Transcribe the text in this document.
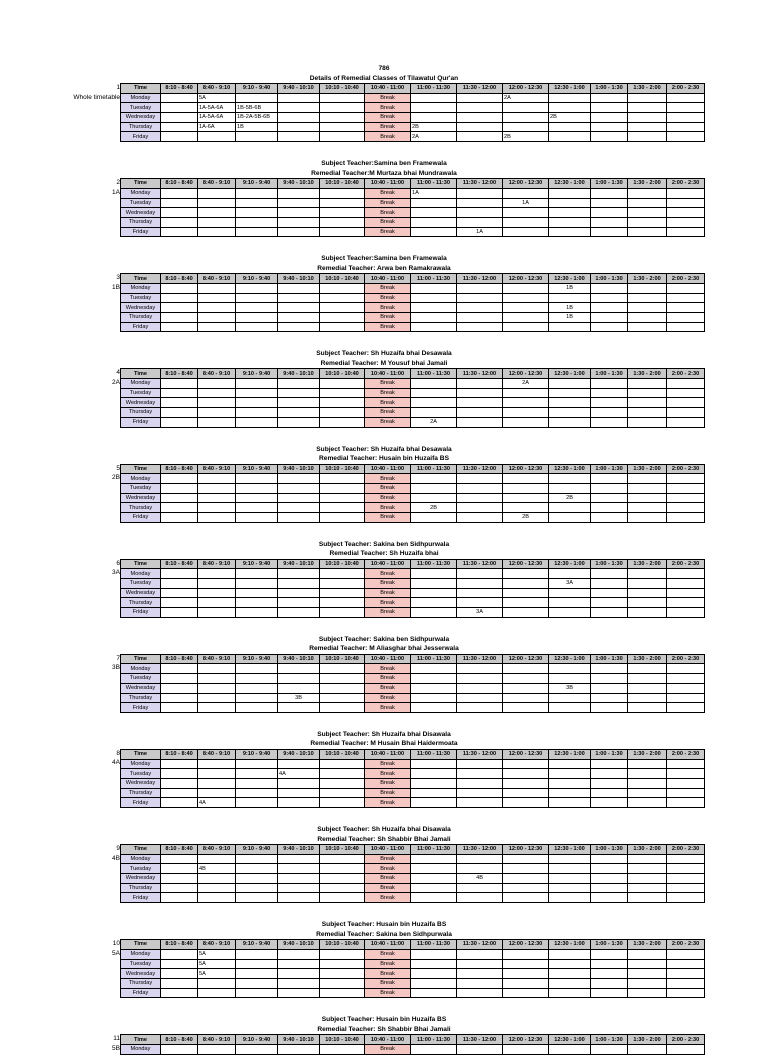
786
Details of Remedial Classes of Tilawatul Qur'an
1
Whole timetable
Time	8:10 - 8:40	8:40 - 9:10	9:10 - 9:40	9:40 - 10:10	10:10 - 10:40	10:40 - 11:00	11:00 - 11:30	11:30 - 12:00	12:00 - 12:30	12:30 - 1:00	1:00 - 1:30	1:30 - 2:00	2:00 - 2:30
Monday		5A				Break			2A				
Tuesday		1A-5A-6A	1B-5B-6B			Break							
Wednesday		1A-5A-6A	1B-2A-5B-6B			Break				2B			
Thursday		1A-6A	1B			Break	2B						
Friday						Break	2A		2B				
Subject Teacher:Samina ben Framewala
Remedial Teacher:M Murtaza bhai Mundrawala
2
1A
Time	8:10 - 8:40	8:40 - 9:10	9:10 - 9:40	9:40 - 10:10	10:10 - 10:40	10:40 - 11:00	11:00 - 11:30	11:30 - 12:00	12:00 - 12:30	12:30 - 1:00	1:00 - 1:30	1:30 - 2:00	2:00 - 2:30
Monday						Break	1A						
Tuesday						Break			1A				
Wednesday						Break							
Thursday						Break							
Friday						Break		1A					
Subject Teacher:Samina ben Framewala
Remedial Teacher: Arwa ben Ramakrawala
3
1B
Time	8:10 - 8:40	8:40 - 9:10	9:10 - 9:40	9:40 - 10:10	10:10 - 10:40	10:40 - 11:00	11:00 - 11:30	11:30 - 12:00	12:00 - 12:30	12:30 - 1:00	1:00 - 1:30	1:30 - 2:00	2:00 - 2:30
Monday						Break				1B			
Tuesday						Break							
Wednesday						Break				1B			
Thursday						Break				1B			
Friday						Break							
Subject Teacher: Sh Huzaifa bhai Desawala
Remedial Teacher: M Yousuf bhai Jamali
4
2A
Time	8:10 - 8:40	8:40 - 9:10	9:10 - 9:40	9:40 - 10:10	10:10 - 10:40	10:40 - 11:00	11:00 - 11:30	11:30 - 12:00	12:00 - 12:30	12:30 - 1:00	1:00 - 1:30	1:30 - 2:00	2:00 - 2:30
Monday						Break			2A				
Tuesday						Break							
Wednesday						Break							
Thursday						Break							
Friday						Break	2A						
Subject Teacher: Sh Huzaifa bhai Desawala
Remedial Teacher: Husain bin Huzaifa BS
5
2B
Time	8:10 - 8:40	8:40 - 9:10	9:10 - 9:40	9:40 - 10:10	10:10 - 10:40	10:40 - 11:00	11:00 - 11:30	11:30 - 12:00	12:00 - 12:30	12:30 - 1:00	1:00 - 1:30	1:30 - 2:00	2:00 - 2:30
Monday						Break							
Tuesday						Break							
Wednesday						Break				2B			
Thursday						Break	2B						
Friday						Break			2B				
Subject Teacher: Sakina ben Sidhpurwala
Remedial Teacher: Sh Huzaifa bhai
6
3A
Time	8:10 - 8:40	8:40 - 9:10	9:10 - 9:40	9:40 - 10:10	10:10 - 10:40	10:40 - 11:00	11:00 - 11:30	11:30 - 12:00	12:00 - 12:30	12:30 - 1:00	1:00 - 1:30	1:30 - 2:00	2:00 - 2:30
Monday						Break							
Tuesday						Break				3A			
Wednesday						Break							
Thursday						Break							
Friday						Break		3A					
Subject Teacher: Sakina ben Sidhpurwala
Remedial Teacher: M Aliasghar bhai Jesserwala
7
3B
Time	8:10 - 8:40	8:40 - 9:10	9:10 - 9:40	9:40 - 10:10	10:10 - 10:40	10:40 - 11:00	11:00 - 11:30	11:30 - 12:00	12:00 - 12:30	12:30 - 1:00	1:00 - 1:30	1:30 - 2:00	2:00 - 2:30
Monday						Break							
Tuesday						Break							
Wednesday						Break				3B			
Thursday				3B		Break							
Friday						Break							
Subject Teacher: Sh Huzaifa bhai Disawala
Remedial Teacher: M Husain Bhai Haidermoata
8
4A
Time	8:10 - 8:40	8:40 - 9:10	9:10 - 9:40	9:40 - 10:10	10:10 - 10:40	10:40 - 11:00	11:00 - 11:30	11:30 - 12:00	12:00 - 12:30	12:30 - 1:00	1:00 - 1:30	1:30 - 2:00	2:00 - 2:30
Monday						Break							
Tuesday				4A		Break							
Wednesday						Break							
Thursday						Break							
Friday		4A				Break							
Subject Teacher: Sh Huzaifa bhai Disawala
Remedial Teacher: Sh Shabbir Bhai Jamali
9
4B
Time	8:10 - 8:40	8:40 - 9:10	9:10 - 9:40	9:40 - 10:10	10:10 - 10:40	10:40 - 11:00	11:00 - 11:30	11:30 - 12:00	12:00 - 12:30	12:30 - 1:00	1:00 - 1:30	1:30 - 2:00	2:00 - 2:30
Monday						Break							
Tuesday		4B				Break							
Wednesday						Break		4B					
Thursday						Break							
Friday						Break							
Subject Teacher: Husain bin Huzaifa BS
Remedial Teacher: Sakina ben Sidhpurwala
10
5A
Time	8:10 - 8:40	8:40 - 9:10	9:10 - 9:40	9:40 - 10:10	10:10 - 10:40	10:40 - 11:00	11:00 - 11:30	11:30 - 12:00	12:00 - 12:30	12:30 - 1:00	1:00 - 1:30	1:30 - 2:00	2:00 - 2:30
Monday		5A				Break							
Tuesday		5A				Break							
Wednesday		5A				Break							
Thursday						Break							
Friday						Break							
Subject Teacher: Husain bin Huzaifa BS
Remedial Teacher: Sh Shabbir Bhai Jamali
11
5B
Time	8:10 - 8:40	8:40 - 9:10	9:10 - 9:40	9:40 - 10:10	10:10 - 10:40	10:40 - 11:00	11:00 - 11:30	11:30 - 12:00	12:00 - 12:30	12:30 - 1:00	1:00 - 1:30	1:30 - 2:00	2:00 - 2:30
Monday						Break							
